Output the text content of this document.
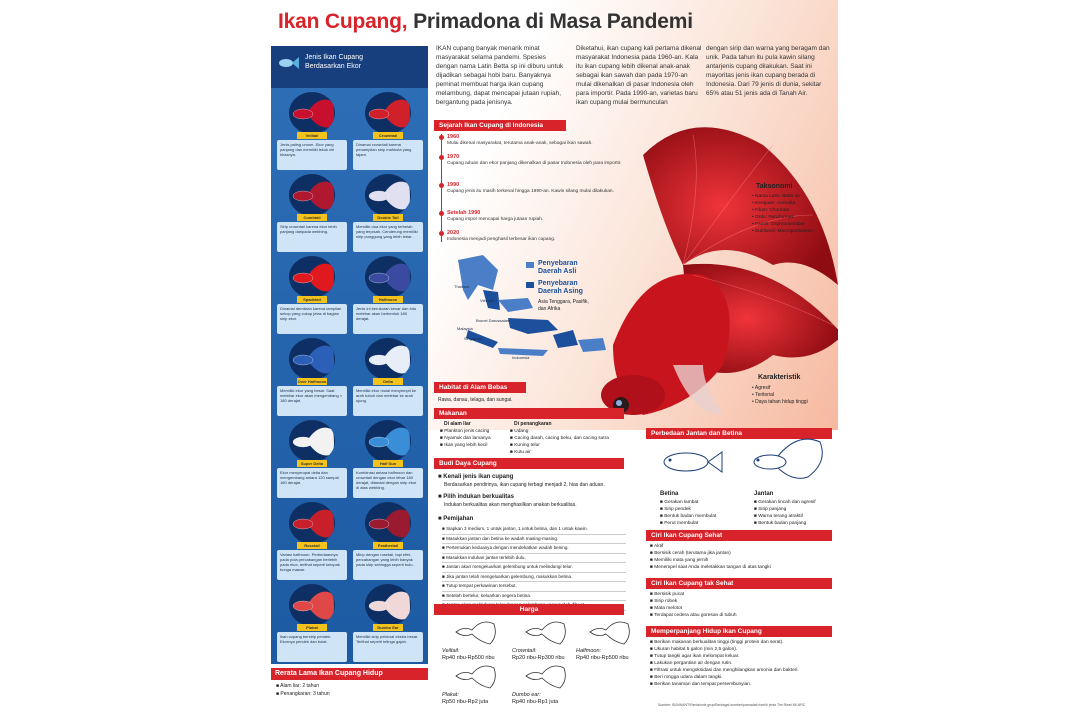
Ikan Cupang, Primadona di Masa Pandemi
Jenis Ikan Cupang Berdasarkan Ekor
Veiltail
Jenis paling umum. Ekor yang panjang dan memiliki lekuk ciri khasnya.
Crowntail
Dinamai crowntail karena penampilan sirip mahkota yang tajam.
Combtail
Sirip crowntail karena ekor lebih panjang daripada webbing.
Double Tail
Memiliki dua ekor yang terbelah yang terpisah. Cenderung memiliki sirip punggung yang lebih lebar.
Spadetail
Dinamai demikian karena tampilan sekop yang cukup jelas di bagian sirip ekor.
Halfmoon
Jenis ini berukuran besar dan bila melebar akan berbentuk 180 derajat.
Over Halfmoon
Memiliki ekor yang besar. Saat melebar ekor akan mengembang > 180 derajat.
Delta
Memiliki ekor mulai menyempit ke arah tubuh dan melebar ke arah ujung.
Super Delta
Ekor menyerupai delta dan mengembang antara 120 sampai 180 derajat.
Half Sun
Kombinasi antara halfmoon dan crowntail dengan ekor lebar 180 derajat, ditandai dengan sirip ekor di atas webbing.
Rosetail
Variasi halfmoon. Perbedaannya pada pola percabangan berlebih pada ekor, terlihat seperti kelopak bunga mawar.
Feathertail
Mirip dengan rosetail, tapi efek percabangan yang lebih banyak pada sirip sehingga seperti bulu.
Plakat
Ikan cupang bersirip pendek. Ekornya pendek dan bulat.
Dumbo Ear
Memiliki sirip pektoral ekstra besar. Terlihat seperti telinga gajah.
Rerata Lama Ikan Cupang Hidup
■ Alam liar: 2 tahun
■ Penangkaran: 3 tahun
IKAN cupang banyak menarik minat masyarakat selama pandemi. Spesies dengan nama Latin Betta sp ini diburu untuk dijadikan sebagai hobi baru. Banyaknya peminat membuat harga ikan cupang melambung, dapat mencapai jutaan rupiah, bergantung pada jenisnya.
Diketahui, ikan cupang kali pertama dikenal masyarakat Indonesia pada 1960-an. Kala itu ikan cupang lebih dikenal anak-anak sebagai ikan sawah dan pada 1970-an mulai dikenalkan di pasar Indonesia oleh para importir. Pada 1990-an, varietas baru ikan cupang mulai bermunculan
dengan sirip dan warna yang beragam dan unik. Pada tahun itu pula kawin silang antarjenis cupang dilakukan. Saat ini mayoritas jenis ikan cupang berada di Indonesia. Dari 79 jenis di dunia, sekitar 65% atau 51 jenis ada di Tanah Air.
Sejarah Ikan Cupang di Indonesia
1960
Mulai dikenal masyarakat, terutama anak-anak, sebagai ikan sawah.
1970
Cupang aduan dan ekor panjang dikenalkan di pasar Indonesia oleh para importir.
1990
Cupang jenis itu masih terkenal hingga 1990-an. Kawin silang mulai dilakukan.
Setelah 1990
Cupang impor mencapai harga jutaan rupiah.
2020
Indonesia menjadi penghasil terbesar ikan cupang.
Thailand
Vietnam
Brunei Darussalam
Malaysia
Singapura
Indonesia
Penyebaran Daerah Asli
Penyebaran Daerah Asing
Asia Tenggara, Pasifik, dan Afrika
Taksonomi
• Nama Latin: Betta sp
• Kerajaan: Animalia
• Filum: Chordata
• Ordo: Perciformes
• Famili: Osphronemidae
• Subfamili: Macropodusinae
Karakteristik
• Agresif
• Teritorial
• Daya tahan hidup tinggi
Habitat di Alam Bebas
Rawa, danau, telaga, dan sungai.
Makanan
Di alam liar
■ Plankton jenis cacing
■ Nyamuk dan larvanya
■ Ikan yang lebih kecil
Di penangkaran
■ Udang
■ Cacing darah, cacing beku, dan cacing sutra
■ Kuning telur
■ Kutu air
Budi Daya Cupang
■ Kenali jenis ikan cupang
Berdasarkan pendirinya, ikan cupang terbagi menjadi 2, hias dan aduan.
■ Pilih indukan berkualitas
Indukan berkualitas akan menghasilkan anakan berkualitas.
■ Pemijahan
■ Siapkan 3 medium, 1 untuk jantan, 1 untuk betina, dan 1 untuk kawin.
■ Masukkan jantan dan betina ke wadah masing-masing.
■ Pertemukan keduanya dengan mendekatkan wadah bening.
■ Masukkan indukan jantan terlebih dulu.
■ Jantan akan mengeluarkan gelembung untuk melindungi telur.
■ Jika jantan telah mengeluarkan gelembung, masukkan betina.
■ Tutup tempat perkawinan tersebut.
■ Setelah bertelur, keluarkan segera betina.
Harga
Veiltail:
Rp40 ribu-Rp500 ribu
Crowntail:
Rp20 ribu-Rp300 ribu
Halfmoon:
Rp40 ribu-Rp500 ribu
Plakat:
Rp50 ribu-Rp2 juta
Dumbo ear:
Rp40 ribu-Rp1 juta
Perbedaan Jantan dan Betina
Betina
■ Gerakan lambat
■ Sirip pendek
■ Bentuk badan membulat
■ Perut membulat
Jantan
■ Gerakan lincah dan agresif
■ Sirip panjang
■ Warna terang atraktif
■ Bentuk badan panjang
Ciri Ikan Cupang Sehat
■ Aktif
■ Bersisik cerah (terutama jika jantan)
■ Memiliki mata yang jernih
■ Menempel saat Anda meletakkan tangan di atas tangki
Ciri Ikan Cupang tak Sehat
■ Bersisik pucat
■ Sirip robek
■ Mata melotot
■ Terdapat cedera atau goresan di tubuh
Memperpanjang Hidup Ikan Cupang
■ Berikan makanan berkualitas tinggi (tinggi protein dan serat).
■ Ukuran habitat 5 galon (min 2,5 galon).
■ Tutup tangki agar ikan melompat keluar.
■ Lakukan pergantian air dengan rutin.
■ Filtrasi untuk mengoksidasi dan menghilangkan amonia dan bakteri.
■ Beri rongga udara dalam tangki.
■ Berikan tanaman dan tempat persembunyian.
Sumber: BUNNANT/Pantaionis grup/Berbagai sumber/pamadati riset/ri jenis Tim Riset MI-NRC
